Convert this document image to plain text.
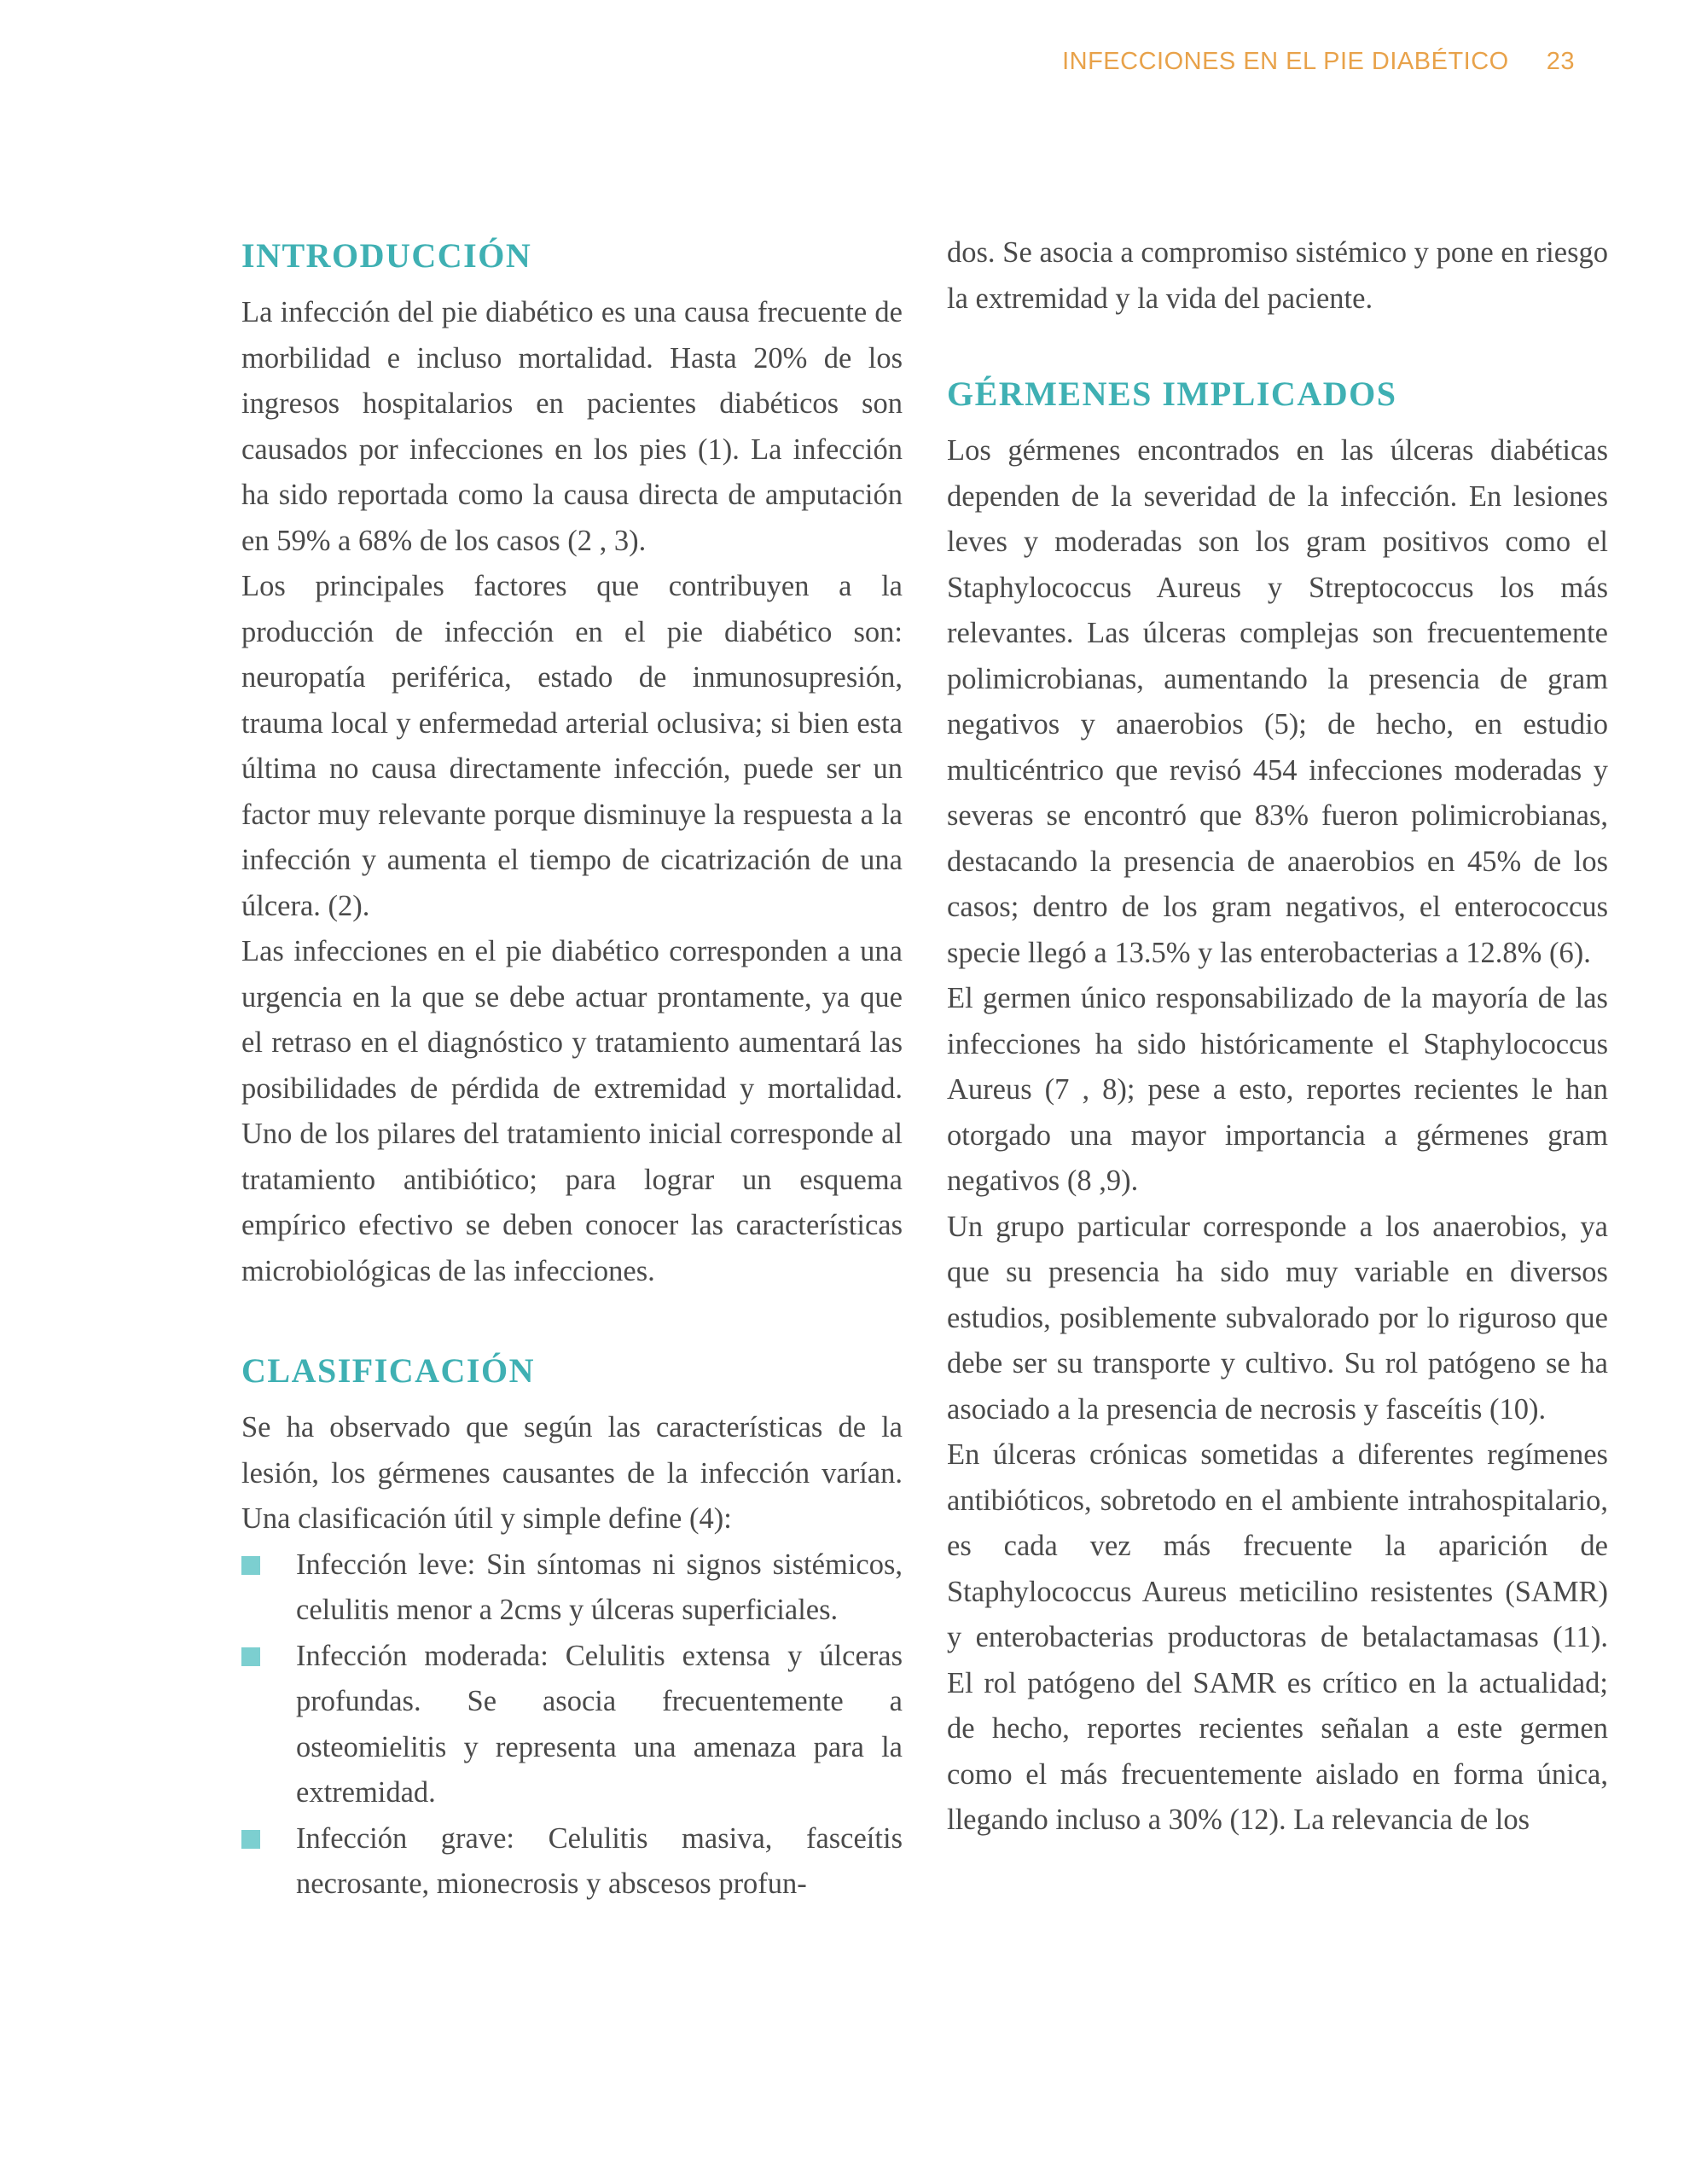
INFECCIONES EN EL PIE DIABÉTICO 23
INTRODUCCIÓN

La infección del pie diabético es una causa frecuente de morbilidad e incluso mortalidad. Hasta 20% de los ingresos hospitalarios en pacientes diabéticos son causados por infecciones en los pies (1). La infección ha sido reportada como la causa directa de amputación en 59% a 68% de los casos (2 , 3).

Los principales factores que contribuyen a la producción de infección en el pie diabético son: neuropatía periférica, estado de inmunosupresión, trauma local y enfermedad arterial oclusiva; si bien esta última no causa directamente infección, puede ser un factor muy relevante porque disminuye la respuesta a la infección y aumenta el tiempo de cicatrización de una úlcera. (2).

Las infecciones en el pie diabético corresponden a una urgencia en la que se debe actuar prontamente, ya que el retraso en el diagnóstico y tratamiento aumentará las posibilidades de pérdida de extremidad y mortalidad. Uno de los pilares del tratamiento inicial corresponde al tratamiento antibiótico; para lograr un esquema empírico efectivo se deben conocer las características microbiológicas de las infecciones.

CLASIFICACIÓN

Se ha observado que según las características de la lesión, los gérmenes causantes de la infección varían. Una clasificación útil y simple define (4):

Infección leve: Sin síntomas ni signos sistémicos, celulitis menor a 2cms y úlceras superficiales.
Infección moderada: Celulitis extensa y úlceras profundas. Se asocia frecuentemente a osteomielitis y representa una amenaza para la extremidad.
Infección grave: Celulitis masiva, fasceítis necrosante, mionecrosis y abscesos profun-

dos. Se asocia a compromiso sistémico y pone en riesgo la extremidad y la vida del paciente.

GÉRMENES IMPLICADOS

Los gérmenes encontrados en las úlceras diabéticas dependen de la severidad de la infección. En lesiones leves y moderadas son los gram positivos como el Staphylococcus Aureus y Streptococcus los más relevantes. Las úlceras complejas son frecuentemente polimicrobianas, aumentando la presencia de gram negativos y anaerobios (5); de hecho, en estudio multicéntrico que revisó 454 infecciones moderadas y severas se encontró que 83% fueron polimicrobianas, destacando la presencia de anaerobios en 45% de los casos; dentro de los gram negativos, el enterococcus specie llegó a 13.5% y las enterobacterias a 12.8% (6).

El germen único responsabilizado de la mayoría de las infecciones ha sido históricamente el Staphylococcus Aureus (7 , 8); pese a esto, reportes recientes le han otorgado una mayor importancia a gérmenes gram negativos (8 ,9).

Un grupo particular corresponde a los anaerobios, ya que su presencia ha sido muy variable en diversos estudios, posiblemente subvalorado por lo riguroso que debe ser su transporte y cultivo. Su rol patógeno se ha asociado a la presencia de necrosis y fasceítis (10).

En úlceras crónicas sometidas a diferentes regímenes antibióticos, sobretodo en el ambiente intrahospitalario, es cada vez más frecuente la aparición de Staphylococcus Aureus meticilino resistentes (SAMR) y enterobacterias productoras de betalactamasas (11). El rol patógeno del SAMR es crítico en la actualidad; de hecho, reportes recientes señalan a este germen como el más frecuentemente aislado en forma única, llegando incluso a 30% (12). La relevancia de los
